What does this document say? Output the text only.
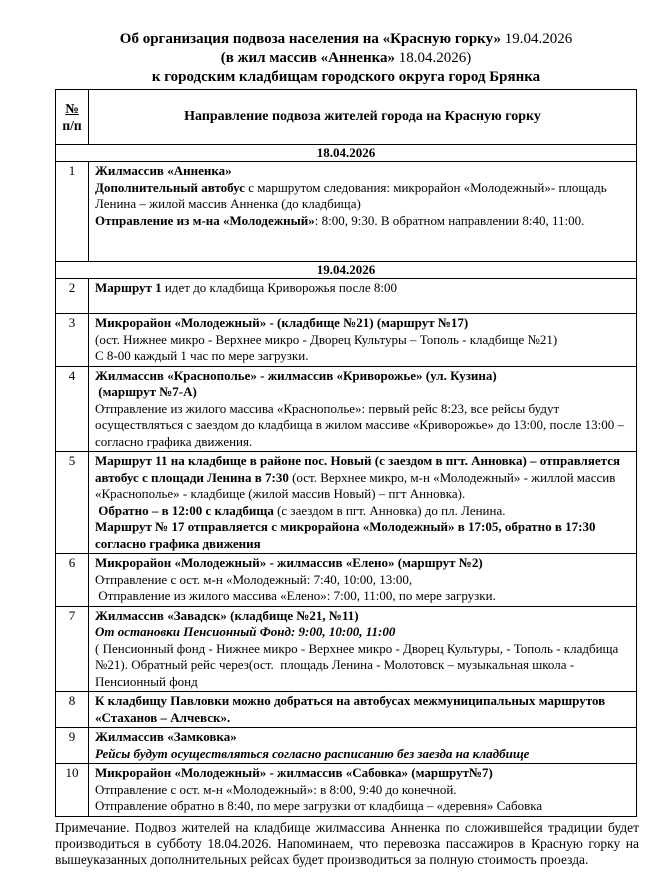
Об организация подвоза населения на «Красную горку» 19.04.2026
(в жил массив «Анненка» 18.04.2026)
к городским кладбищам городского округа город Брянка
№
п/п	Направление подвоза жителей города на Красную горку
18.04.2026	
1	Жилмассив «Анненка»

Дополнительный автобус с маршрутом следования: микрорайон «Молодежный»- площадь Ленина – жилой массив Анненка (до кладбища)

Отправление из м-на «Молодежный»: 8:00, 9:30. В обратном направлении 8:40, 11:00.

19.04.2026	
2	Маршрут 1 идет до кладбища Криворожья после 8:00

3	Микрорайон «Молодежный» - (кладбище №21) (маршрут №17)

(ост. Нижнее микро - Верхнее микро - Дворец Культуры – Тополь - кладбище №21)

С 8-00 каждый 1 час по мере загрузки.

4	Жилмассив «Краснополье» - жилмассив «Криворожье» (ул. Кузина)

(маршрут №7-А)

Отправление из жилого массива «Краснополье»: первый рейс 8:23, все рейсы будут осуществляться с заездом до кладбища в жилом массиве «Криворожье» до 13:00, после 13:00 – согласно графика движения.

5	Маршрут 11 на кладбище в районе пос. Новый (с заездом в пгт. Анновка) – отправляется автобус с площади Ленина в 7:30 (ост. Верхнее микро, м-н «Молодежный» - жиллой массив «Краснополье» - кладбище (жилой массив Новый) – пгт Анновка).

Обратно – в 12:00 с кладбища (с заездом в пгт. Анновка) до пл. Ленина.

Маршрут № 17 отправляется с микрорайона «Молодежный» в 17:05, обратно в 17:30 согласно графика движения

6	Микрорайон «Молодежный» - жилмассив «Елено» (маршрут №2)

Отправление с ост. м-н «Молодежный: 7:40, 10:00, 13:00,

Отправление из жилого массива «Елено»: 7:00, 11:00, по мере загрузки.

7	Жилмассив «Завадск» (кладбище №21, №11)

От остановки Пенсионный Фонд: 9:00, 10:00, 11:00

( Пенсионный фонд - Нижнее микро - Верхнее микро - Дворец Культуры, - Тополь - кладбища №21). Обратный рейс через(ост.  площадь Ленина - Молотовск – музыкальная школа - Пенсионный фонд

8	К кладбищу Павловки можно добраться на автобусах межмуниципальных маршрутов «Стаханов – Алчевск».

9	Жилмассив «Замковка»

Рейсы будут осуществляться согласно расписанию без заезда на кладбище

10	Микрорайон «Молодежный» - жилмассив «Сабовка» (маршрут№7)

Отправление с ост. м-н «Молодежный»: в 8:00, 9:40 до конечной.

Отправление обратно в 8:40, по мере загрузки от кладбища – «деревня» Сабовка

Примечание. Подвоз жителей на кладбище жилмассива Анненка по сложившейся традиции будет производиться в субботу 18.04.2026. Напоминаем, что перевозка пассажиров в Красную горку на вышеуказанных дополнительных рейсах будет производиться за полную стоимость проезда.
